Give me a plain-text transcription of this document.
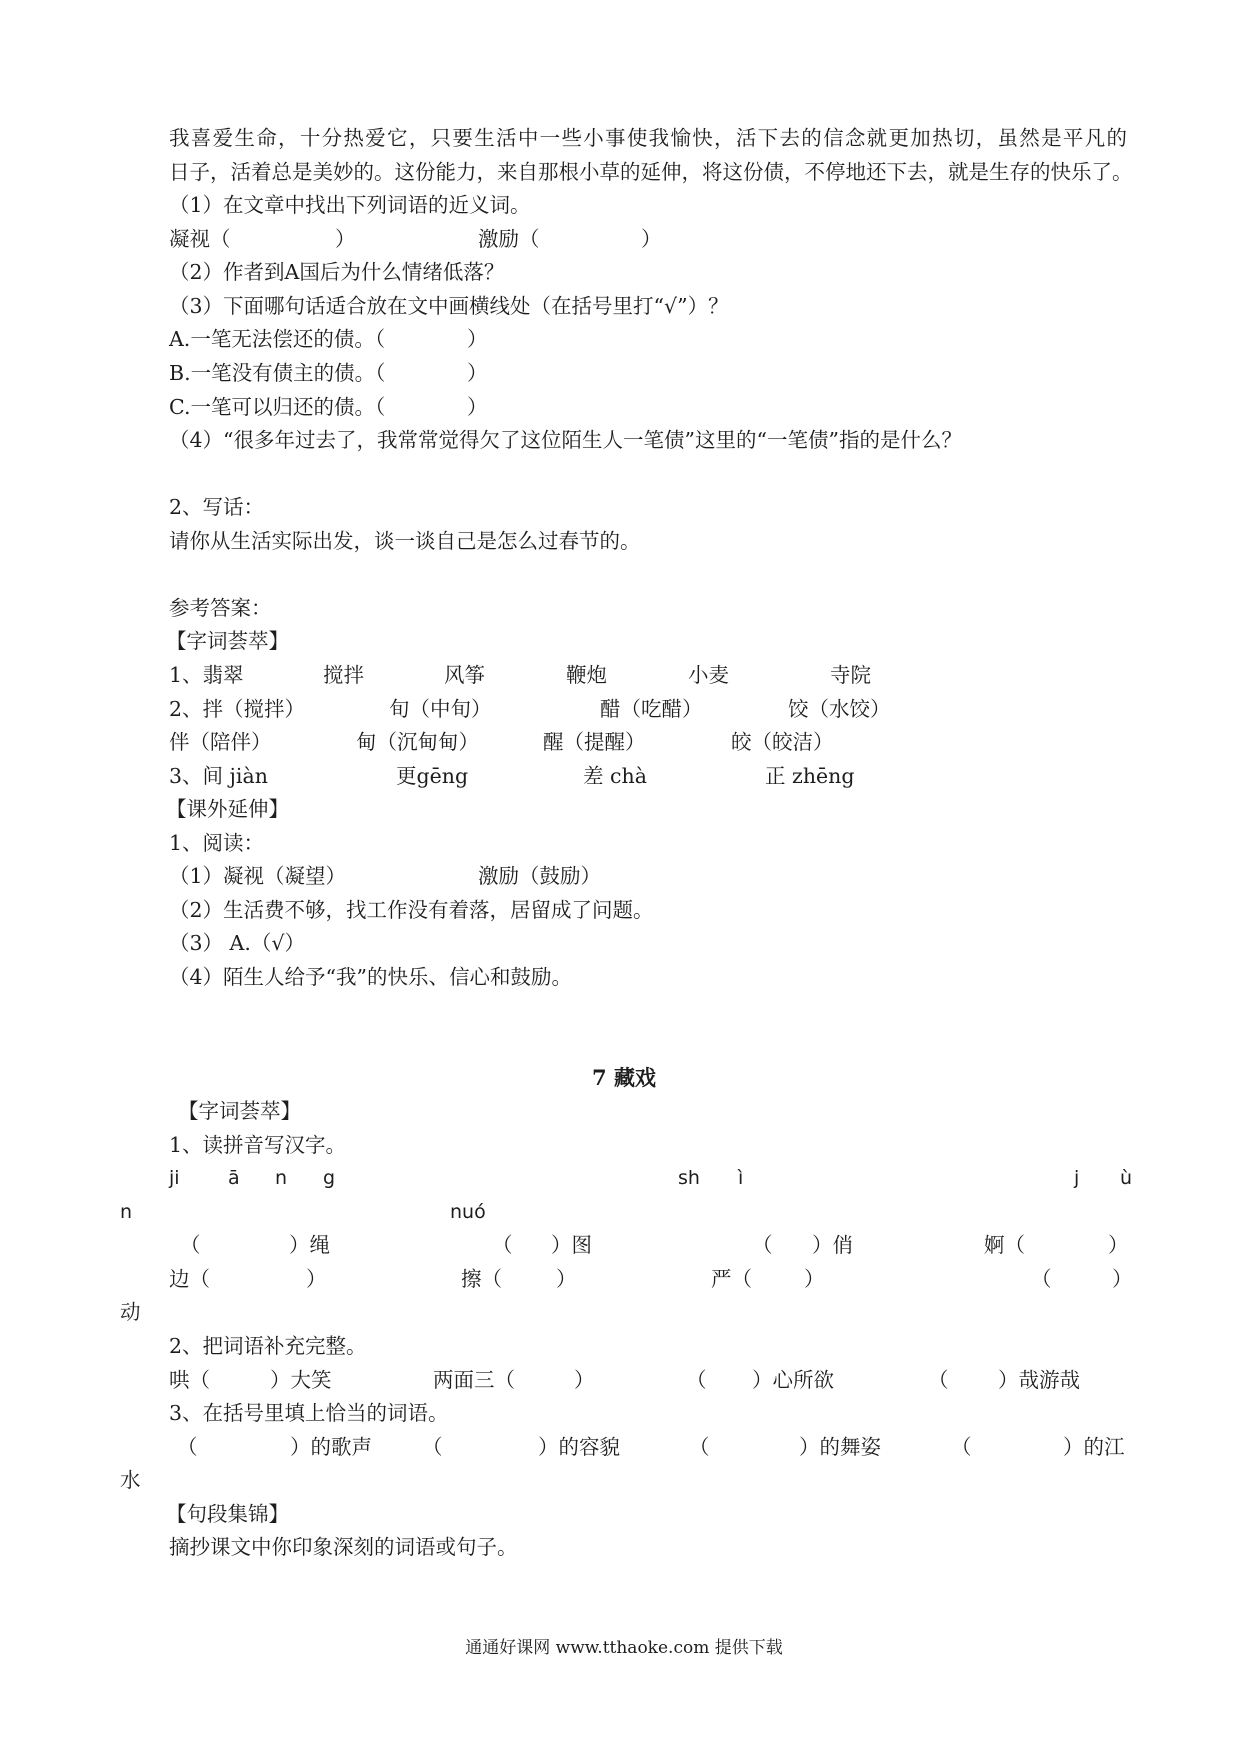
我喜爱生命，十分热爱它，只要生活中一些小事使我愉快，活下去的信念就更加热切，虽然是平凡的
日子，活着总是美妙的。这份能力，来自那根小草的延伸，将这份债，不停地还下去，就是生存的快乐了。
（1）在文章中找出下列词语的近义词。
凝视（	）	激励（	）
（2）作者到A国后为什么情绪低落？
（3）下面哪句话适合放在文中画横线处（在括号里打“√”）？
A.一笔无法偿还的债。（	）
B.一笔没有债主的债。（	）
C.一笔可以归还的债。（	）
（4）“很多年过去了，我常常觉得欠了这位陌生人一笔债”这里的“一笔债”指的是什么？
2、写话：
请你从生活实际出发，谈一谈自己是怎么过春节的。
参考答案：
【字词荟萃】
1、翡翠	搅拌	风筝	鞭炮	小麦	寺院
2、拌（搅拌）	旬（中旬）	醋（吃醋）	饺（水饺）
伴（陪伴）	甸（沉甸甸）	醒（提醒）	皎（皎洁）
3、间 jiàn	更gēng	差 chà	正 zhēng
【课外延伸】
1、阅读：
（1）凝视（凝望）	激励（鼓励）
（2）生活费不够，找工作没有着落，居留成了问题。
（3） A.（√）
（4）陌生人给予“我”的快乐、信心和鼓励。
7 藏戏
【字词荟萃】
1、读拼音写汉字。
ji	ā n g	sh ì	j ù
n	nuó
（	）绳	（ ）图	（ ）俏	婀（	）
边（	）	擦（	）	严（	）	（	）
动
2、把词语补充完整。
哄（	）大笑	两面三（	）	（ ）心所欲	（ ）哉游哉
3、在括号里填上恰当的词语。
（	）的歌声 （	）的容貌	（	）的舞姿	（	）的江
水
【句段集锦】
摘抄课文中你印象深刻的词语或句子。
通通好课网 www.tthaoke.com 提供下载
